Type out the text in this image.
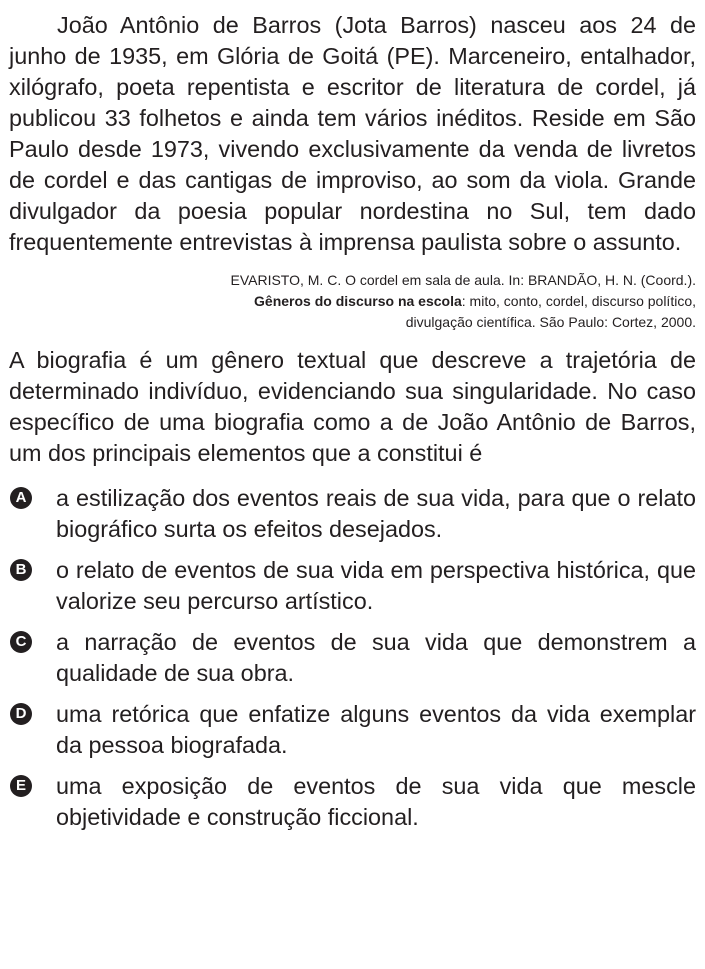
João Antônio de Barros (Jota Barros) nasceu aos 24 de junho de 1935, em Glória de Goitá (PE). Marceneiro, entalhador, xilógrafo, poeta repentista e escritor de literatura de cordel, já publicou 33 folhetos e ainda tem vários inéditos. Reside em São Paulo desde 1973, vivendo exclusivamente da venda de livretos de cordel e das cantigas de improviso, ao som da viola. Grande divulgador da poesia popular nordestina no Sul, tem dado frequentemente entrevistas à imprensa paulista sobre o assunto.

EVARISTO, M. C. O cordel em sala de aula. In: BRANDÃO, H. N. (Coord.).
Gêneros do discurso na escola: mito, conto, cordel, discurso político,
divulgação científica. São Paulo: Cortez, 2000.

A biografia é um gênero textual que descreve a trajetória de determinado indivíduo, evidenciando sua singularidade. No caso específico de uma biografia como a de João Antônio de Barros, um dos principais elementos que a constitui é

A a estilização dos eventos reais de sua vida, para que o relato biográfico surta os efeitos desejados.
B o relato de eventos de sua vida em perspectiva histórica, que valorize seu percurso artístico.
C a narração de eventos de sua vida que demonstrem a qualidade de sua obra.
D uma retórica que enfatize alguns eventos da vida exemplar da pessoa biografada.
E uma exposição de eventos de sua vida que mescle objetividade e construção ficcional.
